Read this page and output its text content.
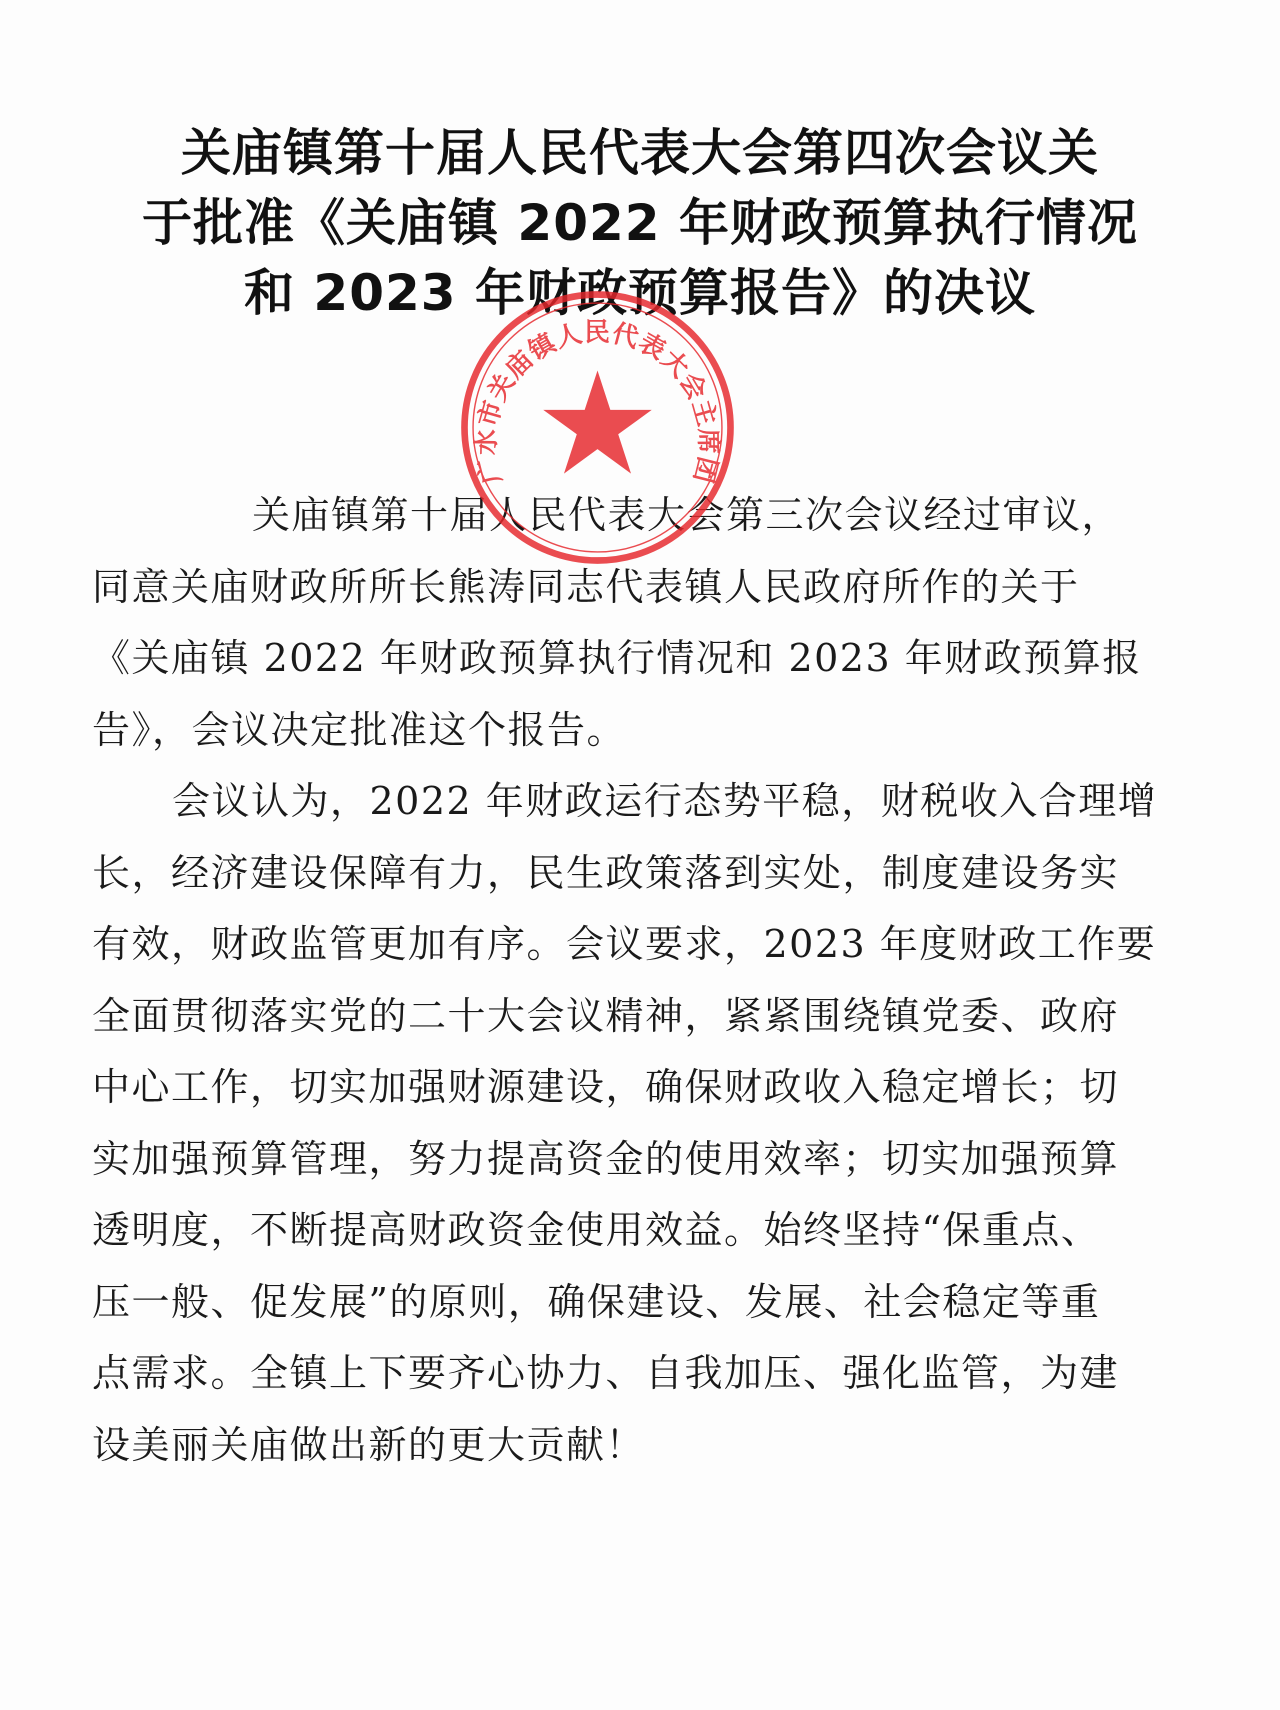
关庙镇第十届人民代表大会第四次会议关
于批准《关庙镇 2022 年财政预算执行情况
和 2023 年财政预算报告》的决议
关庙镇第十届人民代表大会第三次会议经过审议，
同意关庙财政所所长熊涛同志代表镇人民政府所作的关于
《关庙镇 2022 年财政预算执行情况和 2023 年财政预算报
告》，会议决定批准这个报告。
会议认为，2022 年财政运行态势平稳，财税收入合理增
长，经济建设保障有力，民生政策落到实处，制度建设务实
有效，财政监管更加有序。会议要求，2023 年度财政工作要
全面贯彻落实党的二十大会议精神，紧紧围绕镇党委、政府
中心工作，切实加强财源建设，确保财政收入稳定增长；切
实加强预算管理，努力提高资金的使用效率；切实加强预算
透明度，不断提高财政资金使用效益。始终坚持“保重点、
压一般、促发展”的原则，确保建设、发展、社会稳定等重
点需求。全镇上下要齐心协力、自我加压、强化监管，为建
设美丽关庙做出新的更大贡献！
广水市关庙镇人民代表大会主席团
